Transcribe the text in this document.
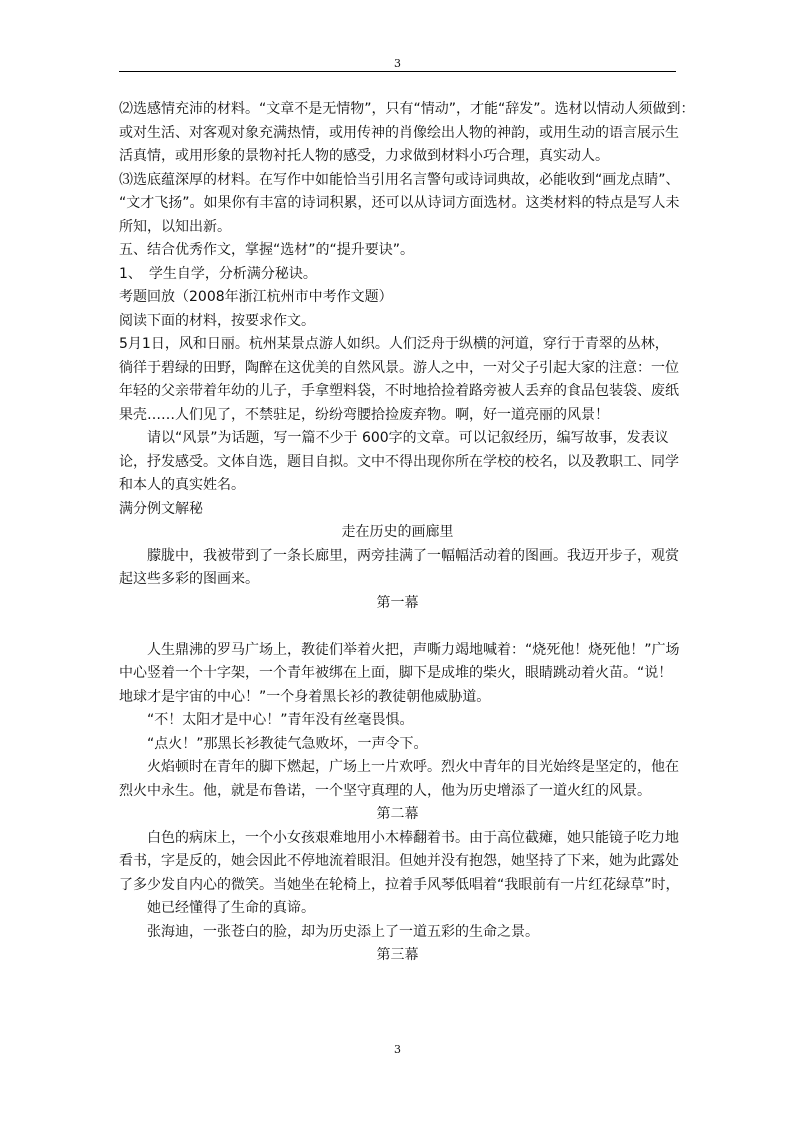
3
⑵选感情充沛的材料。“文章不是无情物”，只有“情动”，才能“辞发”。选材以情动人须做到：
或对生活、对客观对象充满热情，或用传神的肖像绘出人物的神韵，或用生动的语言展示生
活真情，或用形象的景物衬托人物的感受，力求做到材料小巧合理，真实动人。
⑶选底蕴深厚的材料。在写作中如能恰当引用名言警句或诗词典故，必能收到“画龙点睛”、
“文才飞扬”。如果你有丰富的诗词积累，还可以从诗词方面选材。这类材料的特点是写人未
所知，以知出新。
五、结合优秀作文，掌握“选材”的“提升要诀”。
1、　学生自学，分析满分秘诀。
考题回放（2008年浙江杭州市中考作文题）
阅读下面的材料，按要求作文。
5月1日，风和日丽。杭州某景点游人如织。人们泛舟于纵横的河道，穿行于青翠的丛林，
徜徉于碧绿的田野，陶醉在这优美的自然风景。游人之中，一对父子引起大家的注意：一位
年轻的父亲带着年幼的儿子，手拿塑料袋，不时地拾捡着路旁被人丢弃的食品包装袋、废纸
果壳……人们见了，不禁驻足，纷纷弯腰拾捡废弃物。啊，好一道亮丽的风景！
请以“风景”为话题，写一篇不少于 600字的文章。可以记叙经历，编写故事，发表议
论，抒发感受。文体自选，题目自拟。文中不得出现你所在学校的校名，以及教职工、同学
和本人的真实姓名。
满分例文解秘
走在历史的画廊里
朦胧中，我被带到了一条长廊里，两旁挂满了一幅幅活动着的图画。我迈开步子，观赏
起这些多彩的图画来。
第一幕
人生鼎沸的罗马广场上，教徒们举着火把，声嘶力竭地喊着：“烧死他！烧死他！”广场
中心竖着一个十字架，一个青年被绑在上面，脚下是成堆的柴火，眼睛跳动着火苗。“说！
地球才是宇宙的中心！”一个身着黑长衫的教徒朝他威胁道。
“不！太阳才是中心！”青年没有丝毫畏惧。
“点火！”那黑长衫教徒气急败坏，一声令下。
火焰顿时在青年的脚下燃起，广场上一片欢呼。烈火中青年的目光始终是坚定的，他在
烈火中永生。他，就是布鲁诺，一个坚守真理的人，他为历史增添了一道火红的风景。
第二幕
白色的病床上，一个小女孩艰难地用小木棒翻着书。由于高位截瘫，她只能镜子吃力地
看书，字是反的，她会因此不停地流着眼泪。但她并没有抱怨，她坚持了下来，她为此露处
了多少发自内心的微笑。当她坐在轮椅上，拉着手风琴低唱着“我眼前有一片红花绿草”时，
她已经懂得了生命的真谛。
张海迪，一张苍白的脸，却为历史添上了一道五彩的生命之景。
第三幕
3
